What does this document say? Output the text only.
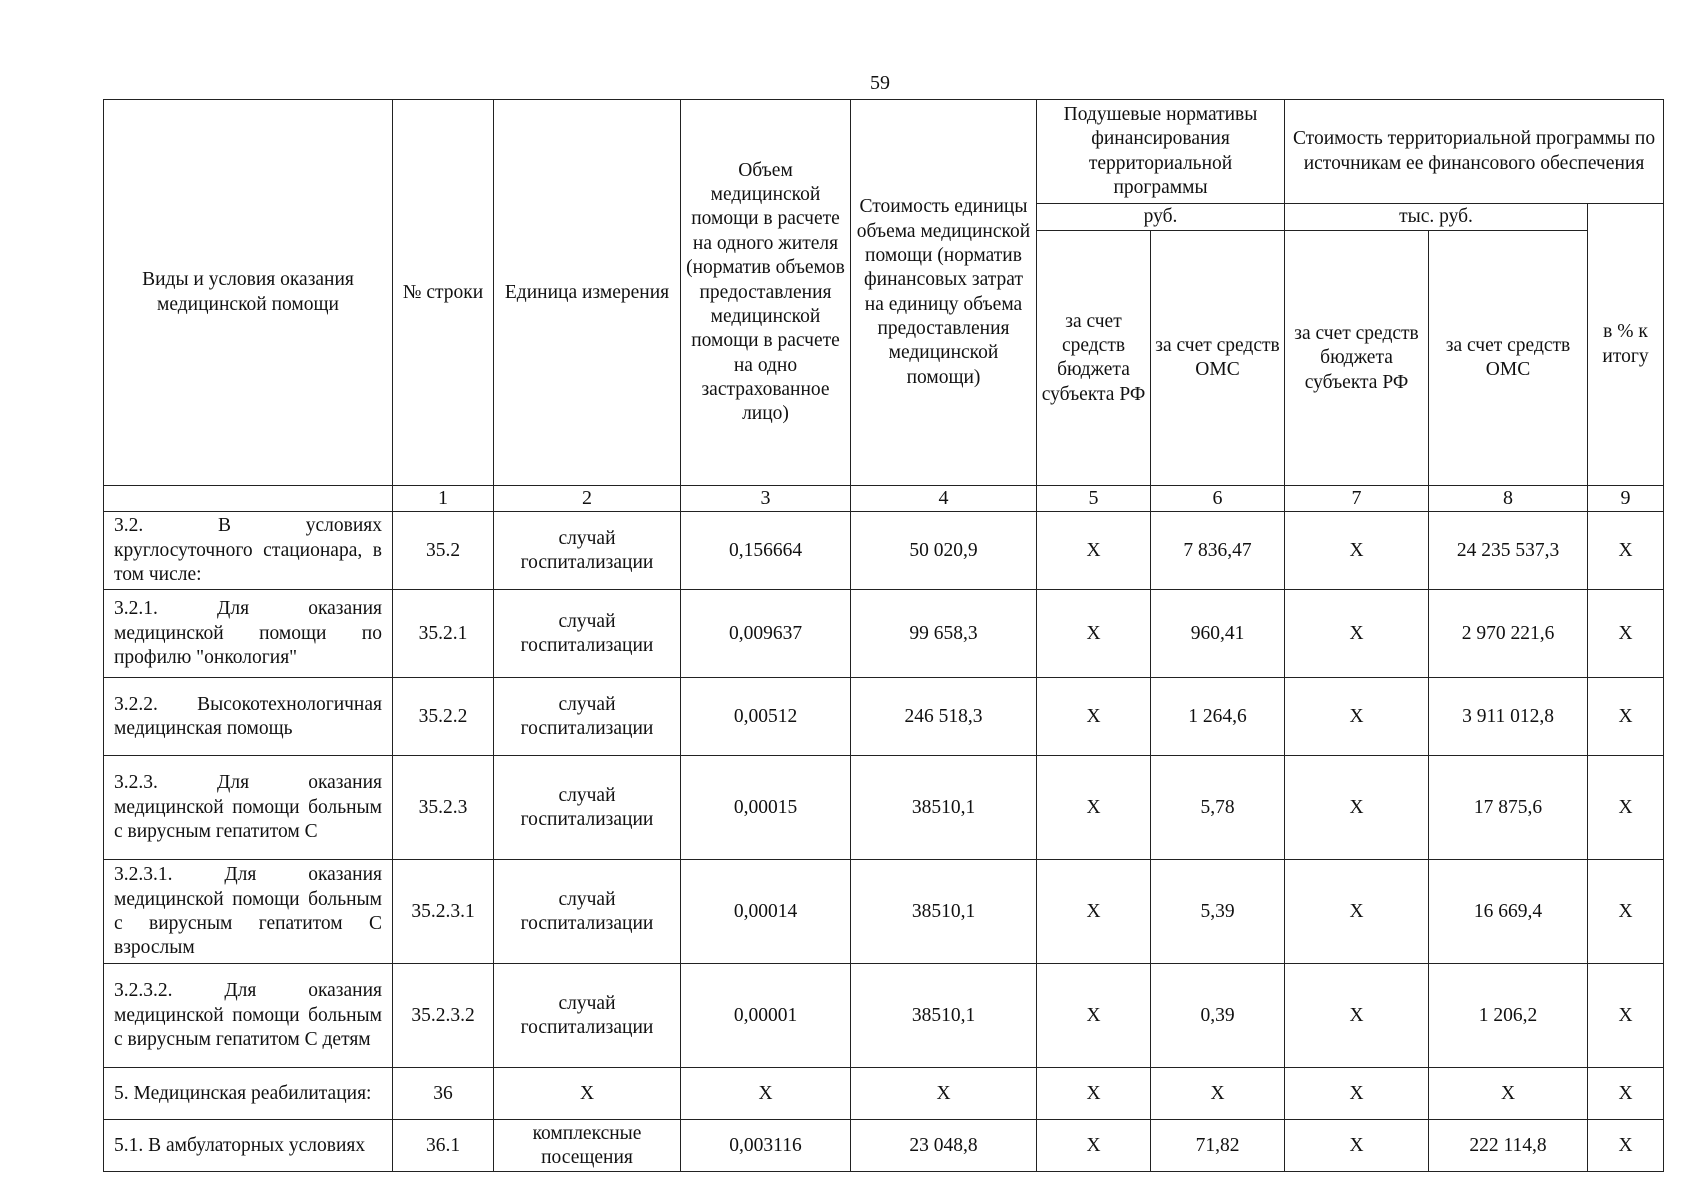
59
Виды и условия оказания медицинской помощи	№ строки	Единица измерения	Объем медицинской помощи в расчете на одного жителя (норматив объемов предоставления медицинской помощи в расчете на одно застрахованное лицо)	Стоимость единицы объема медицинской помощи (норматив финансовых затрат на единицу объема предоставления медицинской помощи)	Подушевые нормативы финансирования территориальной программы		Стоимость территориальной программы по источникам ее финансового обеспечения		
					руб.		тыс. руб.		в % к итогу
					за счет средств бюджета субъекта РФ	за счет средств ОМС	за счет средств бюджета субъекта РФ	за счет средств ОМС	
	1	2	3	4	5	6	7	8	9
3.2. В условиях круглосуточного стационара, в том числе:	35.2	случай госпитализации	0,156664	50 020,9	Х	7 836,47	Х	24 235 537,3	Х
3.2.1. Для оказания медицинской помощи по профилю "онкология"	35.2.1	случай госпитализации	0,009637	99 658,3	Х	960,41	Х	2 970 221,6	Х
3.2.2. Высокотехнологичная медицинская помощь	35.2.2	случай госпитализации	0,00512	246 518,3	Х	1 264,6	Х	3 911 012,8	Х
3.2.3. Для оказания медицинской помощи больным с вирусным гепатитом С	35.2.3	случай госпитализации	0,00015	38510,1	Х	5,78	Х	17 875,6	Х
3.2.3.1. Для оказания медицинской помощи больным с вирусным гепатитом С взрослым	35.2.3.1	случай госпитализации	0,00014	38510,1	Х	5,39	Х	16 669,4	Х
3.2.3.2. Для оказания медицинской помощи больным с вирусным гепатитом С детям	35.2.3.2	случай госпитализации	0,00001	38510,1	Х	0,39	Х	1 206,2	Х
5. Медицинская реабилитация:	36	Х	Х	Х	Х	Х	Х	Х	Х
5.1. В амбулаторных условиях	36.1	комплексные посещения	0,003116	23 048,8	Х	71,82	Х	222 114,8	Х
